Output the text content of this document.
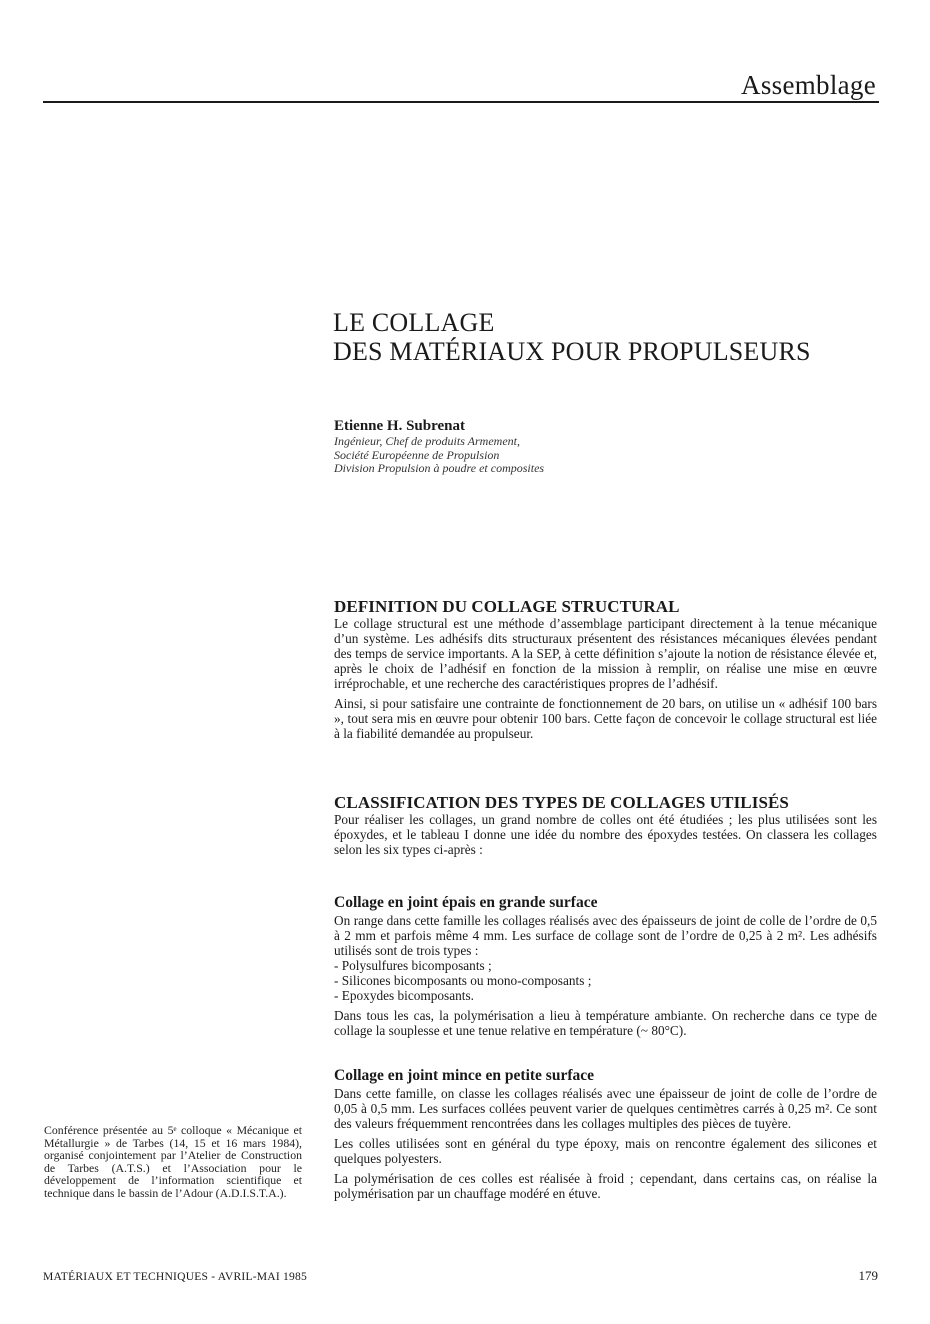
Assemblage
LE COLLAGE
DES MATÉRIAUX POUR PROPULSEURS
Etienne H. Subrenat
Ingénieur, Chef de produits Armement,
Société Européenne de Propulsion
Division Propulsion à poudre et composites
DEFINITION DU COLLAGE STRUCTURAL

Le collage structural est une méthode d’assemblage participant directement à la tenue mécanique d’un système. Les adhésifs dits structuraux présentent des résistances mécaniques élevées pendant des temps de service importants. A la SEP, à cette définition s’ajoute la notion de résistance élevée et, après le choix de l’adhésif en fonction de la mission à remplir, on réalise une mise en œuvre irréprochable, et une recherche des caractéristiques propres de l’adhésif.

Ainsi, si pour satisfaire une contrainte de fonctionnement de 20 bars, on utilise un « adhésif 100 bars », tout sera mis en œuvre pour obtenir 100 bars. Cette façon de concevoir le collage structural est liée à la fiabilité demandée au propulseur.

CLASSIFICATION DES TYPES DE COLLAGES UTILISÉS

Pour réaliser les collages, un grand nombre de colles ont été étudiées ; les plus utilisées sont les époxydes, et le tableau I donne une idée du nombre des époxydes testées. On classera les collages selon les six types ci-après :

Collage en joint épais en grande surface

On range dans cette famille les collages réalisés avec des épaisseurs de joint de colle de l’ordre de 0,5 à 2 mm et parfois même 4 mm. Les surface de collage sont de l’ordre de 0,25 à 2 m². Les adhésifs utilisés sont de trois types :

- Polysulfures bicomposants ;
- Silicones bicomposants ou mono-composants ;
- Epoxydes bicomposants.

Dans tous les cas, la polymérisation a lieu à température ambiante. On recherche dans ce type de collage la souplesse et une tenue relative en température (~ 80°C).

Collage en joint mince en petite surface

Dans cette famille, on classe les collages réalisés avec une épaisseur de joint de colle de l’ordre de 0,05 à 0,5 mm. Les surfaces collées peuvent varier de quelques centimètres carrés à 0,25 m². Ce sont des valeurs fréquemment rencontrées dans les collages multiples des pièces de tuyère.

Les colles utilisées sont en général du type époxy, mais on rencontre également des silicones et quelques polyesters.

La polymérisation de ces colles est réalisée à froid ; cependant, dans certains cas, on réalise la polymérisation par un chauffage modéré en étuve.

Conférence présentée au 5ᵉ colloque « Mécanique et Métallurgie » de Tarbes (14, 15 et 16 mars 1984), organisé conjointement par l’Atelier de Construction de Tarbes (A.T.S.) et l’Association pour le développement de l’information scientifique et technique dans le bassin de l’Adour (A.D.I.S.T.A.).
MATÉRIAUX ET TECHNIQUES - AVRIL-MAI 1985	179
